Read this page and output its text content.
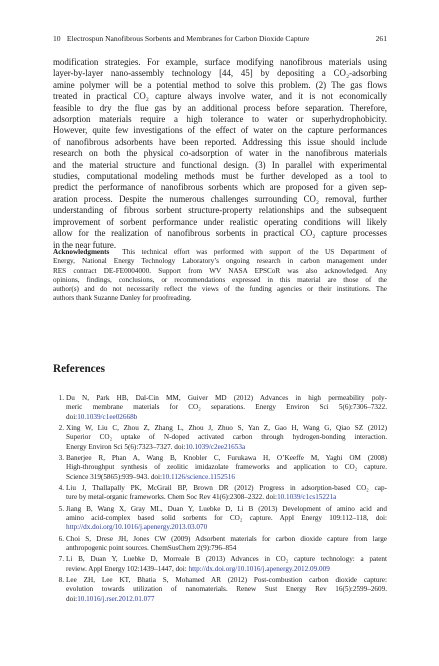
10 Electrospun Nanofibrous Sorbents and Membranes for Carbon Dioxide Capture	261
modification strategies. For example, surface modifying nanofibrous materials using
layer-by-layer nano-assembly technology [44, 45] by depositing a CO₂-adsorbing
amine polymer will be a potential method to solve this problem. (2) The gas flows
treated in practical CO₂ capture always involve water, and it is not economically
feasible to dry the flue gas by an additional process before separation. Therefore,
adsorption materials require a high tolerance to water or superhydrophobicity.
However, quite few investigations of the effect of water on the capture performances
of nanofibrous adsorbents have been reported. Addressing this issue should include
research on both the physical co-adsorption of water in the nanofibrous materials
and the material structure and functional design. (3) In parallel with experimental
studies, computational modeling methods must be further developed as a tool to
predict the performance of nanofibrous sorbents which are proposed for a given sep-
aration process. Despite the numerous challenges surrounding CO₂ removal, further
understanding of fibrous sorbent structure-property relationships and the subsequent
improvement of sorbent performance under realistic operating conditions will likely
allow for the realization of nanofibrous sorbents in practical CO₂ capture processes
in the near future.
Acknowledgments This technical effort was performed with support of the US Department of
Energy, National Energy Technology Laboratory’s ongoing research in carbon management under
RES contract DE-FE0004000. Support from WV NASA EPSCoR was also acknowledged. Any
opinions, findings, conclusions, or recommendations expressed in this material are those of the
author(s) and do not necessarily reflect the views of the funding agencies or their institutions. The
authors thank Suzanne Danley for proofreading.
References
1. Du N, Park HB, Dal-Cin MM, Guiver MD (2012) Advances in high permeability poly-
meric membrane materials for CO₂ separations. Energy Environ Sci 5(6):7306–7322.
doi:10.1039/c1ee02668b
2. Xing W, Liu C, Zhou Z, Zhang L, Zhou J, Zhuo S, Yan Z, Gao H, Wang G, Qiao SZ (2012)
Superior CO₂ uptake of N-doped activated carbon through hydrogen-bonding interaction.
Energy Environ Sci 5(6):7323–7327. doi:10.1039/c2ee21653a
3. Banerjee R, Phan A, Wang B, Knobler C, Furukawa H, O’Keeffe M, Yaghi OM (2008)
High-throughput synthesis of zeolitic imidazolate frameworks and application to CO₂ capture.
Science 319(5865):939–943. doi:10.1126/science.1152516
4. Liu J, Thallapally PK, McGrail BP, Brown DR (2012) Progress in adsorption-based CO₂ cap-
ture by metal-organic frameworks. Chem Soc Rev 41(6):2308–2322. doi:10.1039/c1cs15221a
5. Jiang B, Wang X, Gray ML, Duan Y, Luebke D, Li B (2013) Development of amino acid and
amino acid-complex based solid sorbents for CO₂ capture. Appl Energy 109:112–118, doi:
http://dx.doi.org/10.1016/j.apenergy.2013.03.070
6. Choi S, Drese JH, Jones CW (2009) Adsorbent materials for carbon dioxide capture from large
anthropogenic point sources. ChemSusChem 2(9):796–854
7. Li B, Duan Y, Luebke D, Morreale B (2013) Advances in CO₂ capture technology: a patent
review. Appl Energy 102:1439–1447, doi: http://dx.doi.org/10.1016/j.apenergy.2012.09.009
8. Lee ZH, Lee KT, Bhatia S, Mohamed AR (2012) Post-combustion carbon dioxide capture:
evolution towards utilization of nanomaterials. Renew Sust Energy Rev 16(5):2599–2609.
doi:10.1016/j.rser.2012.01.077
